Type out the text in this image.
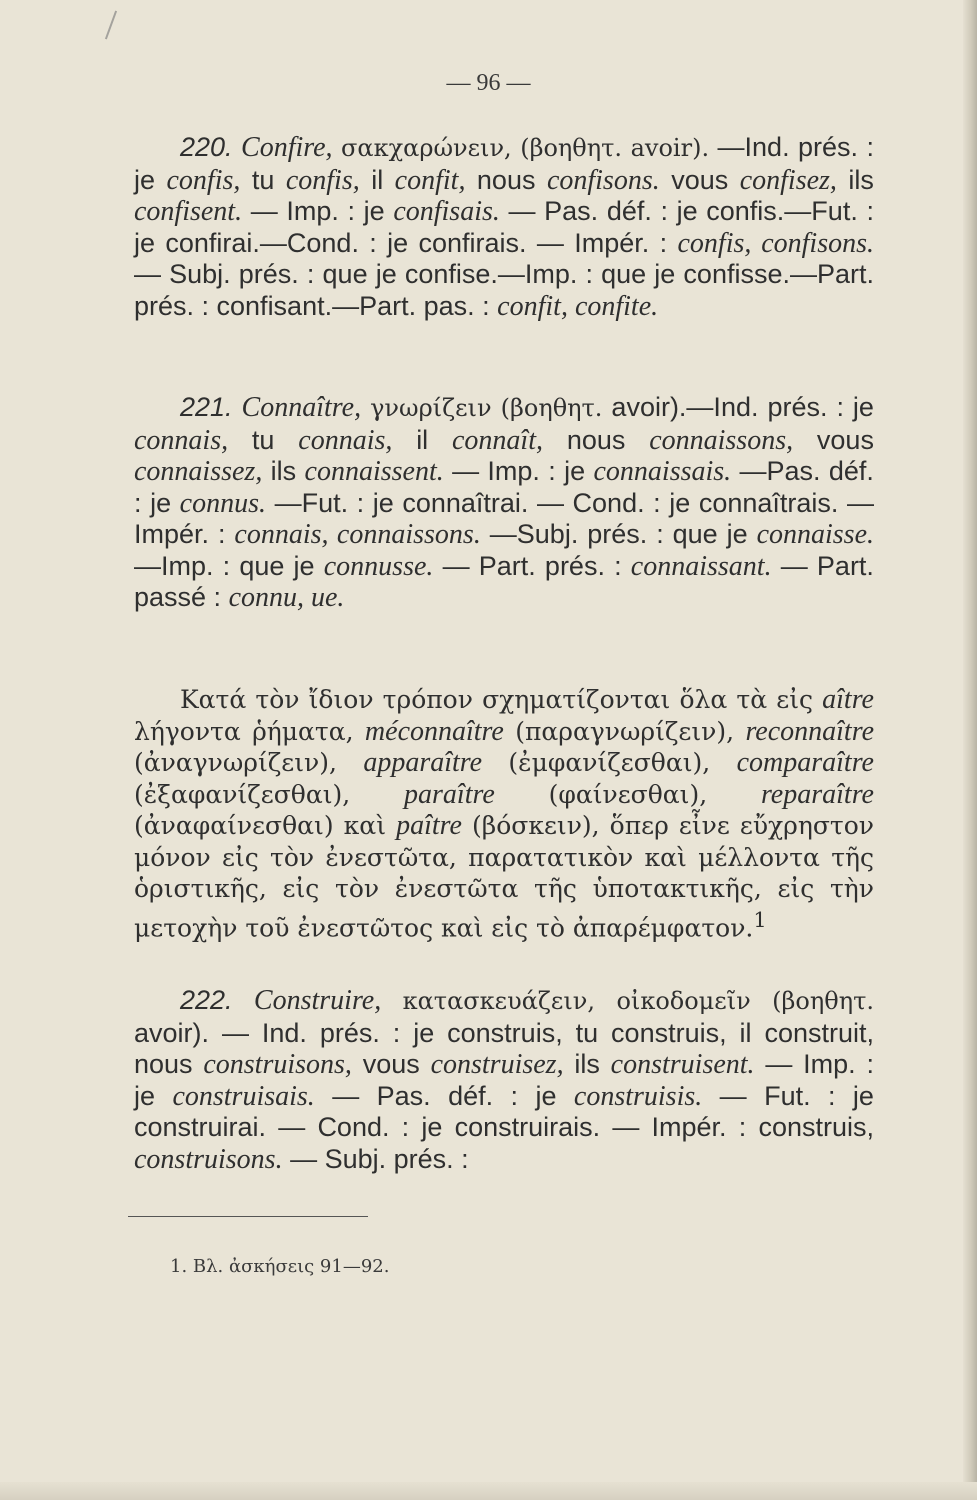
— 96 —

220. Confire, σακχαρώνειν, (βοηθητ. avoir). —Ind. prés. : je confis, tu confis, il confit, nous confisons. vous confisez, ils confisent. — Imp. : je confisais. — Pas. déf. : je confis.—Fut. : je confirai.—Cond. : je confirais. — Impér. : confis, confisons. — Subj. prés. : que je confise.—Imp. : que je confisse.—Part. prés. : confisant.—Part. pas. : confit, confite.

221. Connaître, γνωρίζειν (βοηθητ. avoir).—Ind. prés. : je connais, tu connais, il connaît, nous connaissons, vous connaissez, ils connaissent. — Imp. : je connaissais. —Pas. déf. : je connus. —Fut. : je connaîtrai. — Cond. : je connaîtrais. —Impér. : connais, connaissons. —Subj. prés. : que je connaisse. —Imp. : que je connusse. — Part. prés. : connaissant. — Part. passé : connu, ue.

Κατά τὸν ἴδιον τρόπον σχηματίζονται ὅλα τὰ εἰς aître λήγοντα ῥήματα, méconnaître (παραγνωρίζειν), reconnaître (ἀναγνωρίζειν), apparaître (ἐμφανίζεσθαι), comparaître (ἐξαφανίζεσθαι), paraître (φαίνεσθαι), reparaître (ἀναφαίνεσθαι) καὶ paître (βόσκειν), ὅπερ εἶνε εὔχρηστον μόνον εἰς τὸν ἐνεστῶτα, παρατατικὸν καὶ μέλλοντα τῆς ὁριστικῆς, εἰς τὸν ἐνεστῶτα τῆς ὑποτακτικῆς, εἰς τὴν μετοχὴν τοῦ ἐνεστῶτος καὶ εἰς τὸ ἀπαρέμφατον.$^1$

222. Construire, κατασκευάζειν, οἰκοδομεῖν (βοηθητ. avoir). — Ind. prés. : je construis, tu construis, il construit, nous construisons, vous construisez, ils construisent. — Imp. : je construisais. — Pas. déf. : je construisis. — Fut. : je construirai. — Cond. : je construirais. — Impér. : construis, construisons. — Subj. prés. :

1. Βλ. ἀσκήσεις 91—92.
